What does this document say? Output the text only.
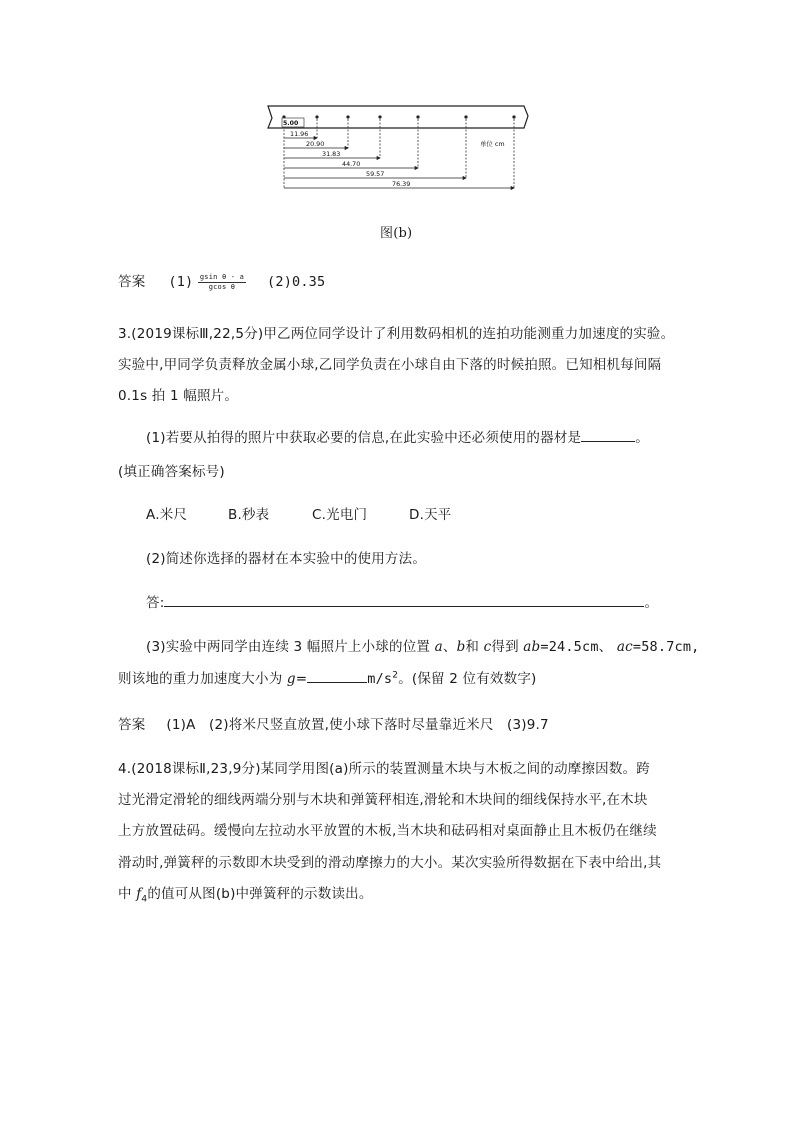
5.00
11.96
20.90
31.83
44.70
59.57
76.39
单位 cm
图(b)
答案 $(1) \frac{\text{gsin θ - a}}{\text{gcos θ}} (2)0.35$
3.(2019课标Ⅲ,22,5分)甲乙两位同学设计了利用数码相机的连拍功能测重力加速度的实验。
实验中,甲同学负责释放金属小球,乙同学负责在小球自由下落的时候拍照。已知相机每间隔
0.1s 拍 1 幅照片。
(1)若要从拍得的照片中获取必要的信息,在此实验中还必须使用的器材是	。
(填正确答案标号)
A.米尺	B.秒表	C.光电门	D.天平
(2)简述你选择的器材在本实验中的使用方法。
答:	。
(3)实验中两同学由连续 3 幅照片上小球的位置 a、b和 c得到 ab=24.5cm、 ac=58.7cm,
则该地的重力加速度大小为 g=	$m/s^2$。(保留 2 位有效数字)
答案 (1)A   (2)将米尺竖直放置,使小球下落时尽量靠近米尺   (3)9.7
4.(2018课标Ⅱ,23,9分)某同学用图(a)所示的装置测量木块与木板之间的动摩擦因数。跨
过光滑定滑轮的细线两端分别与木块和弹簧秤相连,滑轮和木块间的细线保持水平,在木块
上方放置砝码。缓慢向左拉动水平放置的木板,当木块和砝码相对桌面静止且木板仍在继续
滑动时,弹簧秤的示数即木块受到的滑动摩擦力的大小。某次实验所得数据在下表中给出,其
中 $f_4$的值可从图(b)中弹簧秤的示数读出。
